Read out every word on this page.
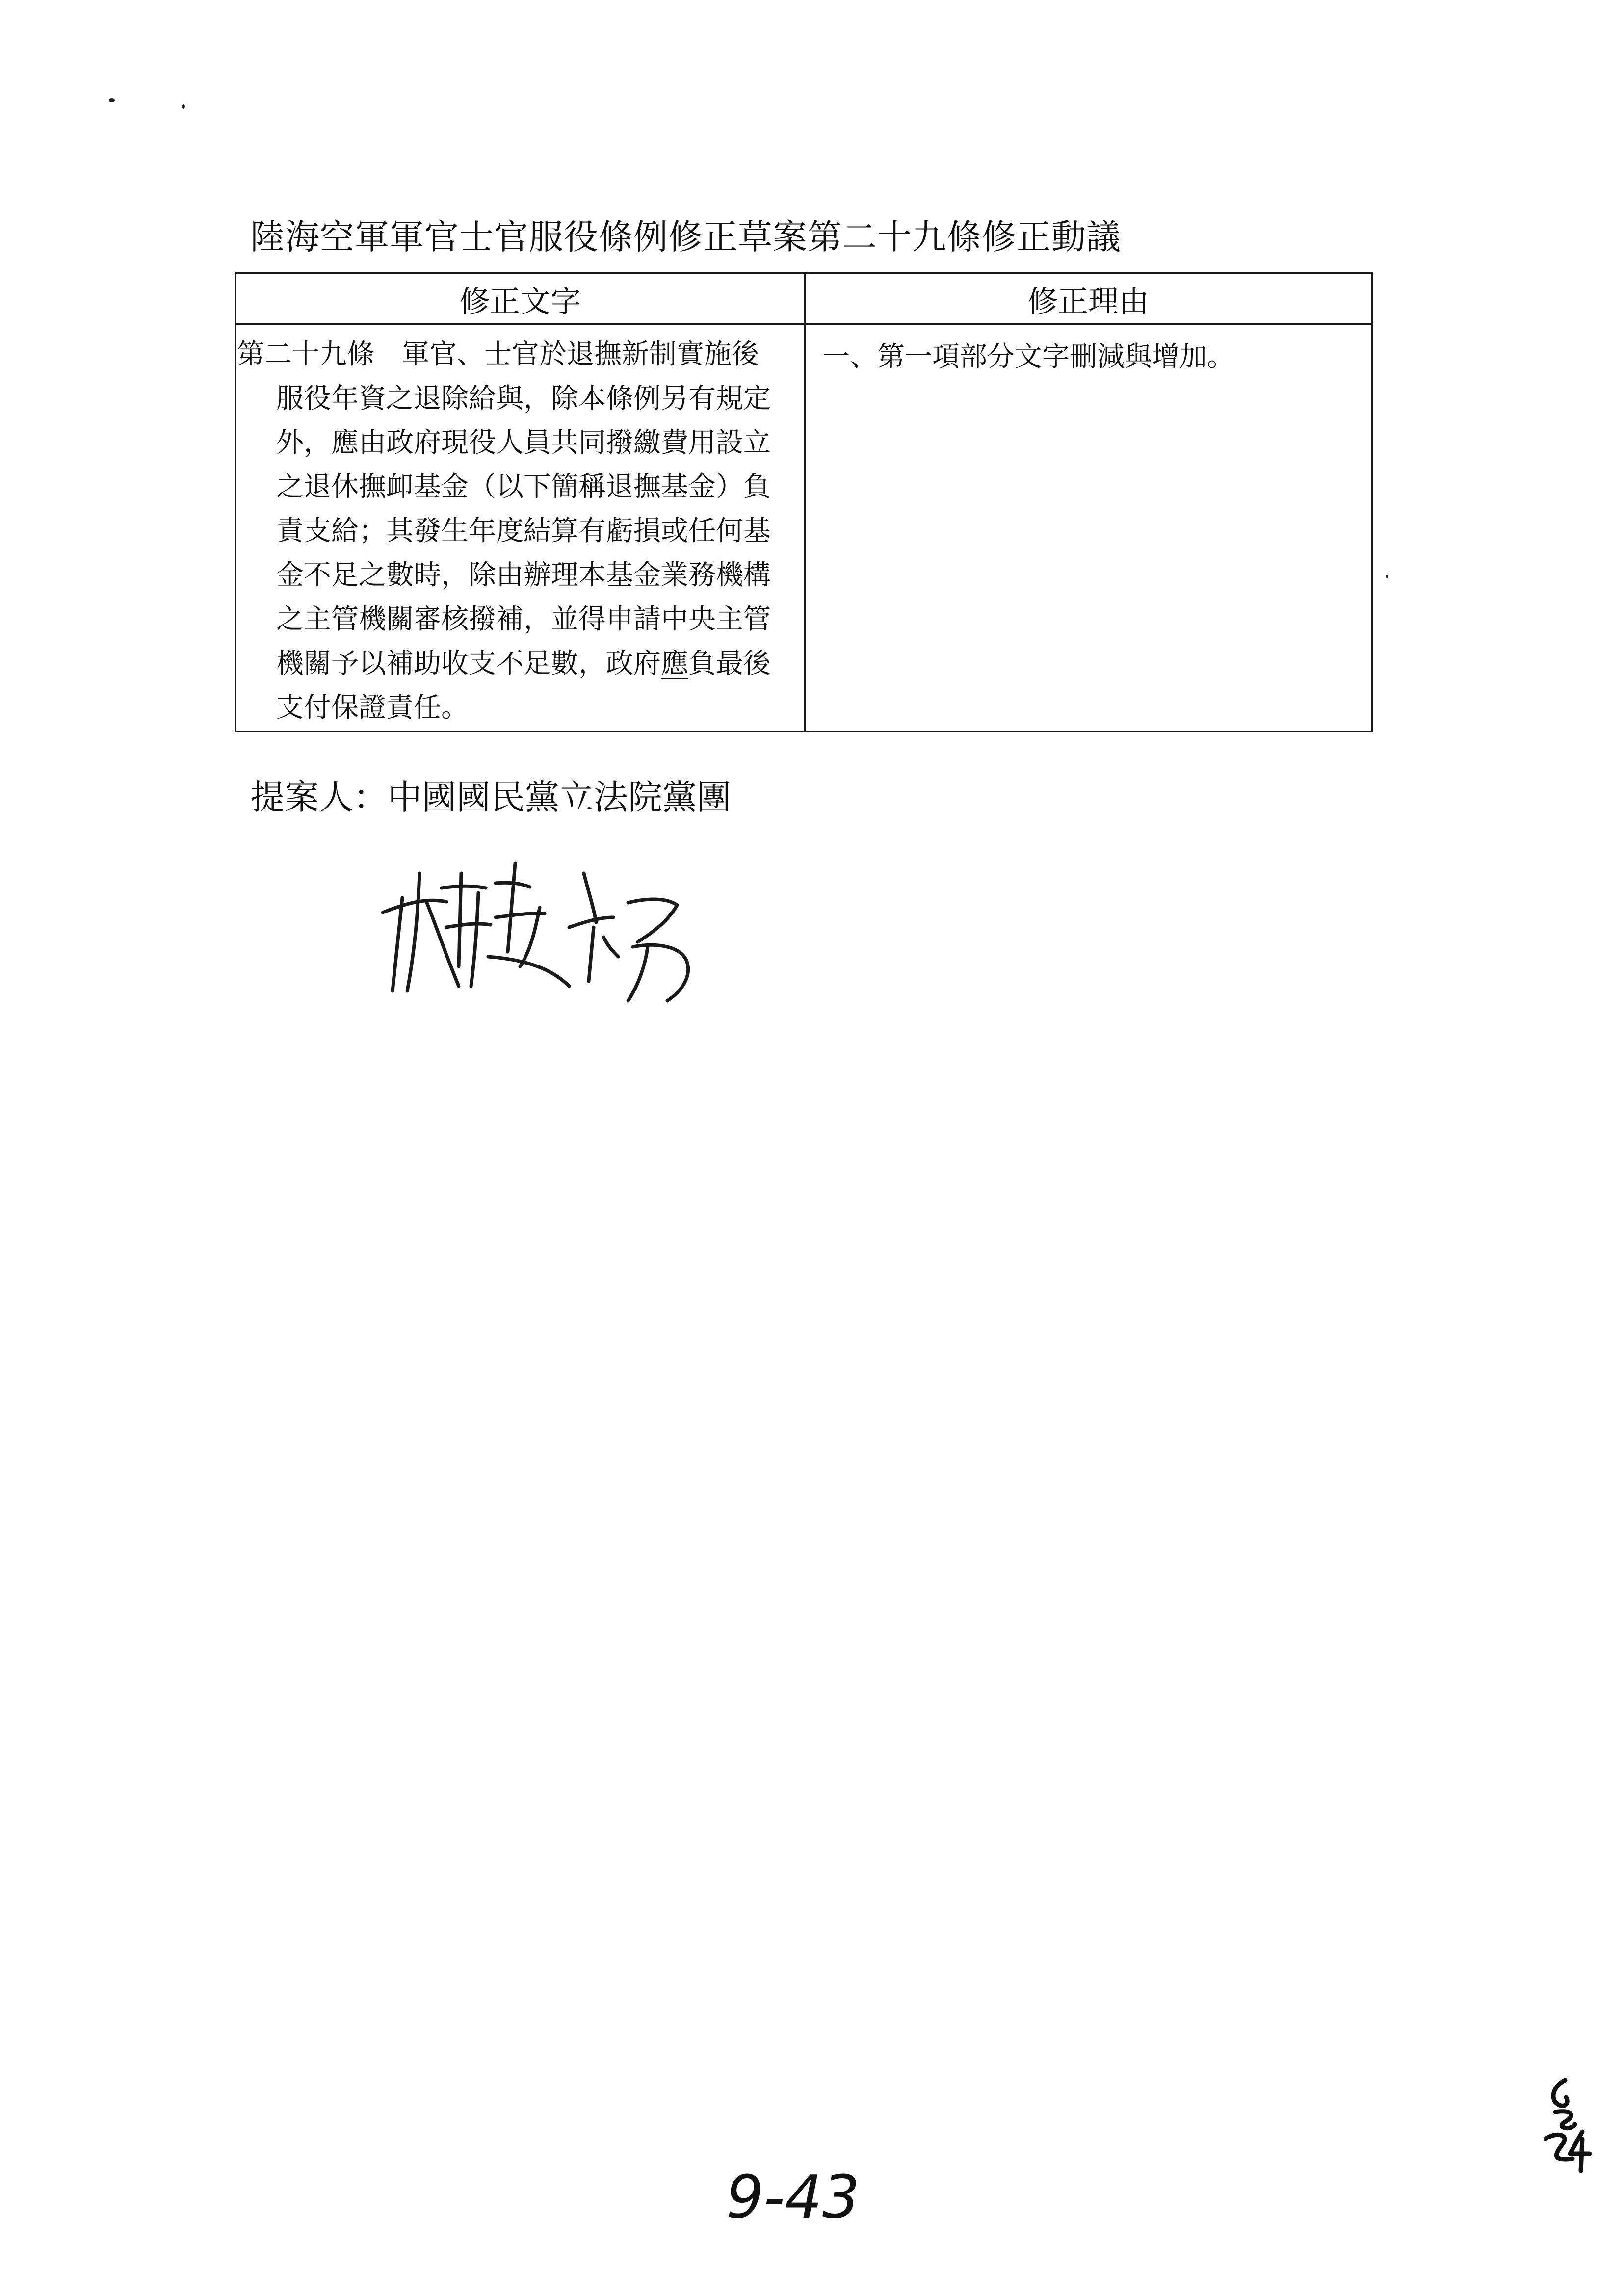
陸海空軍軍官士官服役條例修正草案第二十九條修正動議
修正文字	修正理由

第二十九條 軍官、士官於退撫新制實施後服役年資之退除給與，除本條例另有規定外，應由政府現役人員共同撥繳費用設立之退休撫卹基金（以下簡稱退撫基金）負責支給；其發生年度結算有虧損或任何基金不足之數時，除由辦理本基金業務機構之主管機關審核撥補，並得申請中央主管機關予以補助收支不足數，政府應負最後支付保證責任。	一、第一項部分文字刪減與增加。
提案人：中國國民黨立法院黨團
9-43
